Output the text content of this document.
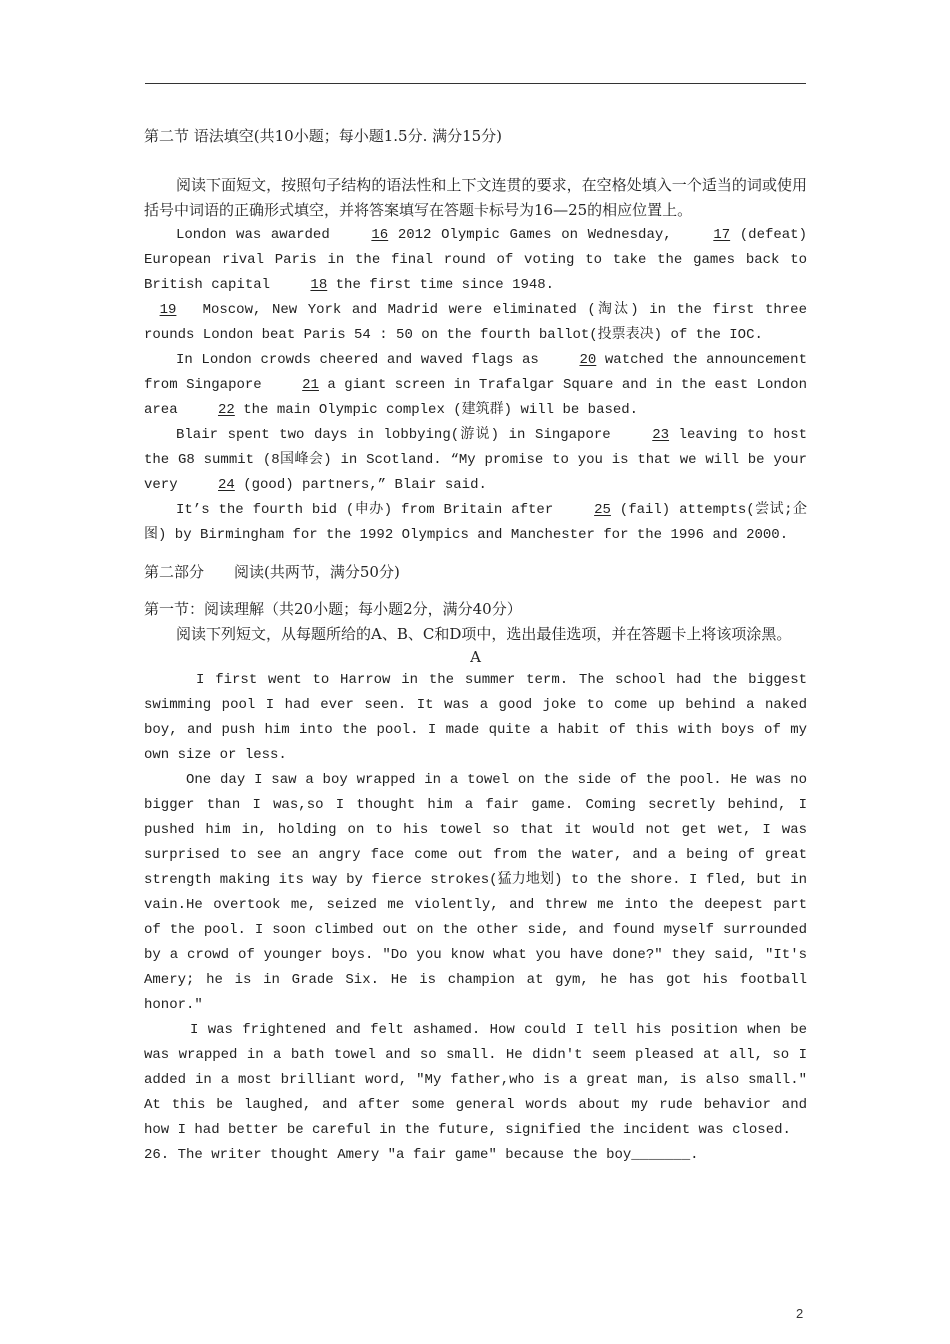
第二节 语法填空(共10小题；每小题1.5分. 满分15分)

阅读下面短文，按照句子结构的语法性和上下文连贯的要求，在空格处填入一个适当的词或使用括号中词语的正确形式填空，并将答案填写在答题卡标号为16—25的相应位置上。

London was awarded 16 2012 Olympic Games on Wednesday, 17 (defeat) European rival Paris in the final round of voting to take the games back to British capital 18 the first time since 1948.

19 Moscow, New York and Madrid were eliminated (淘汰) in the first three rounds London beat Paris 54 : 50 on the fourth ballot(投票表决) of the IOC.

In London crowds cheered and waved flags as 20 watched the announcement from Singapore 21 a giant screen in Trafalgar Square and in the east London area 22 the main Olympic complex (建筑群) will be based.

Blair spent two days in lobbying(游说) in Singapore 23 leaving to host the G8 summit (8国峰会) in Scotland. “My promise to you is that we will be your very 24 (good) partners,” Blair said.

It’s the fourth bid (申办) from Britain after 25 (fail) attempts(尝试;企图) by Birmingham for the 1992 Olympics and Manchester for the 1996 and 2000.

第二部分　　阅读(共两节，满分50分)

第一节：阅读理解（共20小题；每小题2分，满分40分）

阅读下列短文，从每题所给的A、B、C和D项中，选出最佳选项，并在答题卡上将该项涂黑。

A

I first went to Harrow in the summer term. The school had the biggest swimming pool I had ever seen. It was a good joke to come up behind a naked boy, and push him into the pool. I made quite a habit of this with boys of my own size or less.

One day I saw a boy wrapped in a towel on the side of the pool. He was no bigger than I was,so I thought him a fair game. Coming secretly behind, I pushed him in, holding on to his towel so that it would not get wet, I was surprised to see an angry face come out from the water, and a being of great strength making its way by fierce strokes(猛力地划) to the shore. I fled, but in vain.He overtook me, seized me violently, and threw me into the deepest part of the pool. I soon climbed out on the other side, and found myself surrounded by a crowd of younger boys. "Do you know what you have done?" they said, "It's Amery; he is in Grade Six. He is champion at gym, he has got his football honor."

I was frightened and felt ashamed. How could I tell his position when be was wrapped in a bath towel and so small. He didn't seem pleased at all, so I added in a most brilliant word, "My father,who is a great man, is also small." At this be laughed, and after some general words about my rude behavior and how I had better be careful in the future, signified the incident was closed.

26. The writer thought Amery "a fair game" because the boy_______.

2
